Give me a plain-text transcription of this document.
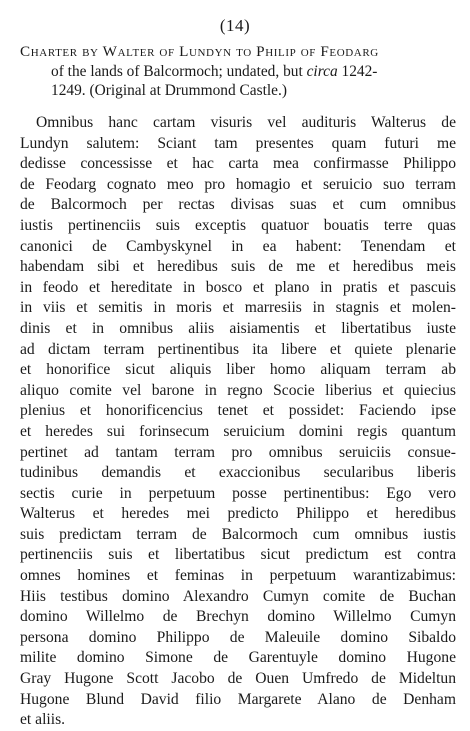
(14)
Charter by Walter of Lundyn to Philip of Feodarg
of the lands of Balcormoch; undated, but circa 1242-
1249. (Original at Drummond Castle.)
Omnibus hanc cartam visuris vel audituris Walterus de
Lundyn salutem: Sciant tam presentes quam futuri me
dedisse concessisse et hac carta mea confirmasse Philippo
de Feodarg cognato meo pro homagio et seruicio suo terram
de Balcormoch per rectas divisas suas et cum omnibus
iustis pertinenciis suis exceptis quatuor bouatis terre quas
canonici de Cambyskynel in ea habent: Tenendam et
habendam sibi et heredibus suis de me et heredibus meis
in feodo et hereditate in bosco et plano in pratis et pascuis
in viis et semitis in moris et marresiis in stagnis et molen-
dinis et in omnibus aliis aisiamentis et libertatibus iuste
ad dictam terram pertinentibus ita libere et quiete plenarie
et honorifice sicut aliquis liber homo aliquam terram ab
aliquo comite vel barone in regno Scocie liberius et quiecius
plenius et honorificencius tenet et possidet: Faciendo ipse
et heredes sui forinsecum seruicium domini regis quantum
pertinet ad tantam terram pro omnibus seruiciis consue-
tudinibus demandis et exaccionibus secularibus liberis
sectis curie in perpetuum posse pertinentibus: Ego vero
Walterus et heredes mei predicto Philippo et heredibus
suis predictam terram de Balcormoch cum omnibus iustis
pertinenciis suis et libertatibus sicut predictum est contra
omnes homines et feminas in perpetuum warantizabimus:
Hiis testibus domino Alexandro Cumyn comite de Buchan
domino Willelmo de Brechyn domino Willelmo Cumyn
persona domino Philippo de Maleuile domino Sibaldo
milite domino Simone de Garentuyle domino Hugone
Gray Hugone Scott Jacobo de Ouen Umfredo de Mideltun
Hugone Blund David filio Margarete Alano de Denham
et aliis.
